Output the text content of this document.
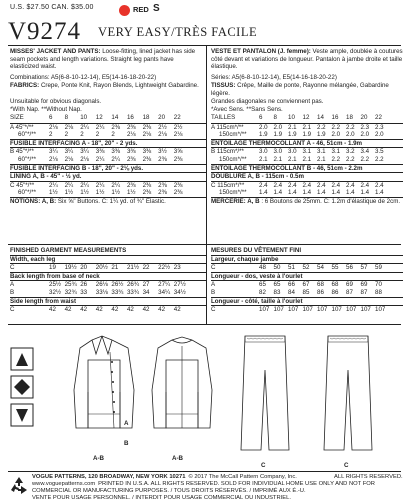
U.S. $27.50 CAN. $35.00	RED S
V9274 VERY EASY/TRÈS FACILE
MISSES' JACKET AND PANTS: Loose-fitting, lined jacket has side seam pockets and length variations. Straight leg pants have elasticized waist.
Combinations: A5(6-8-10-12-14), E5(14-16-18-20-22)
FABRICS: Crepe, Ponte Knit, Rayon Blends, Lightweight Gabardine.
Unsuitable for obvious diagonals.
*With Nap. **Without Nap.
SIZE	6	8	10	12	14	16	18	20	22
A 45"*/**	2⅛	2⅛	2¼	2¼	2⅜	2⅜	2⅜	2½	2½
60"*/**	2	2	2	2	2	2⅛	2⅛	2⅛	2⅛
FUSIBLE INTERFACING A - 18", 20" - 2 yds.
B 45"*/**	3¼	3¼	3¼	3⅜	3⅜	3⅜	3⅜	3½	3⅝
60"*/**	2⅛	2⅛	2⅛	2¼	2¼	2⅜	2⅜	2⅜	2⅜
FUSIBLE INTERFACING B - 18", 20" - 2⅛ yds.
LINING A, B - 45" - ½ yd.
C 45"*/**	2¼	2¼	2¼	2¼	2¼	2⅜	2⅜	2⅜	2⅜
60"*/**	1½	1½	1½	1½	1½	1½	2⅜	2⅜	2⅜
NOTIONS: A, B: Six ⅝" Buttons. C: 1¼ yd. of ¾" Elastic.
VESTE ET PANTALON (J. femme): Veste ample, doublée à coutures côté devant et variations de longueur. Pantalon à jambe droite et taille élastique.
Séries: A5(6-8-10-12-14), E5(14-16-18-20-22)
TISSUS: Crêpe, Maille de ponte, Rayonne mélangée, Gabardine légère.
Grandes diagonales ne conviennent pas.
*Avec Sens. **Sans Sens.
TAILLES	6	8	10	12	14	16	18	20	22
A 115cm*/**	2.0 2.0 2.1 2.1 2.2 2.2 2.2 2.3 2.3
150cm*/**	1.9 1.9 1.9 1.9 1.9 2.0 2.0 2.0 2.0
ENTOILAGE THERMOCOLLANT A - 46, 51cm - 1.9m
B 115cm*/**	3.0 3.0 3.0 3.1 3.1 3.1 3.2 3.4 3.5
150cm*/**	2.1 2.1 2.1 2.1 2.1 2.2 2.2 2.2 2.2
ENTOILAGE THERMOCOLLANT B - 46, 51cm - 2.2m
DOUBLURE A, B - 115cm - 0.5m
C 115cm*/**	2.4 2.4 2.4 2.4 2.4 2.4 2.4 2.4 2.4
150cm*/**	1.4 1.4 1.4 1.4 1.4 1.4 1.4 1.4 1.4
MERCERIE: A, B : 6 Boutons de 25mm. C: 1.2m d'élastique de 2cm.
FINISHED GARMENT MEASUREMENTS
Width, each leg
C	19	19½ 20	20½ 21	21½ 22	22½ 23
Back length from base of neck
A	25½ 25¾ 26	26⅛ 26½ 26¾ 27	27¼ 27½
B	32½ 32¾ 33	33⅛ 33¾ 33¾ 34	34¼ 34½
Side length from waist
C	42	42	42	42	42	42	42	42	42
MESURES DU VÊTEMENT FINI
Largeur, chaque jambe
C	48	50	51	52	54	55	56	57	59
Longueur - dos, veste à l'ourlet
A	65	65	66	67	68	68	69	69	70
B	82	83	84	85	86	86	87	87	88
Longueur - côté, taille à l'ourlet
C	107 107 107 107 107 107 107 107 107
A
B
A-B	A-B
C	C
VOGUE PATTERNS, 120 BROADWAY, NEW YORK 10271 © 2017 The McCall Pattern Company, Inc.
www.voguepatterns.com PRINTED IN U.S.A. ALL RIGHTS RESERVED. SOLD FOR INDIVIDUAL HOME USE ONLY AND NOT FOR
COMMERCIAL OR MANUFACTURING PURPOSES. / TOUS DROITS RÉSERVÉS. / IMPRIMÉ AUX É.-U.
VENTE POUR USAGE PERSONNEL. / INTERDIT POUR USAGE COMMERCIAL OU INDUSTRIEL.
ALL RIGHTS RESERVED.
